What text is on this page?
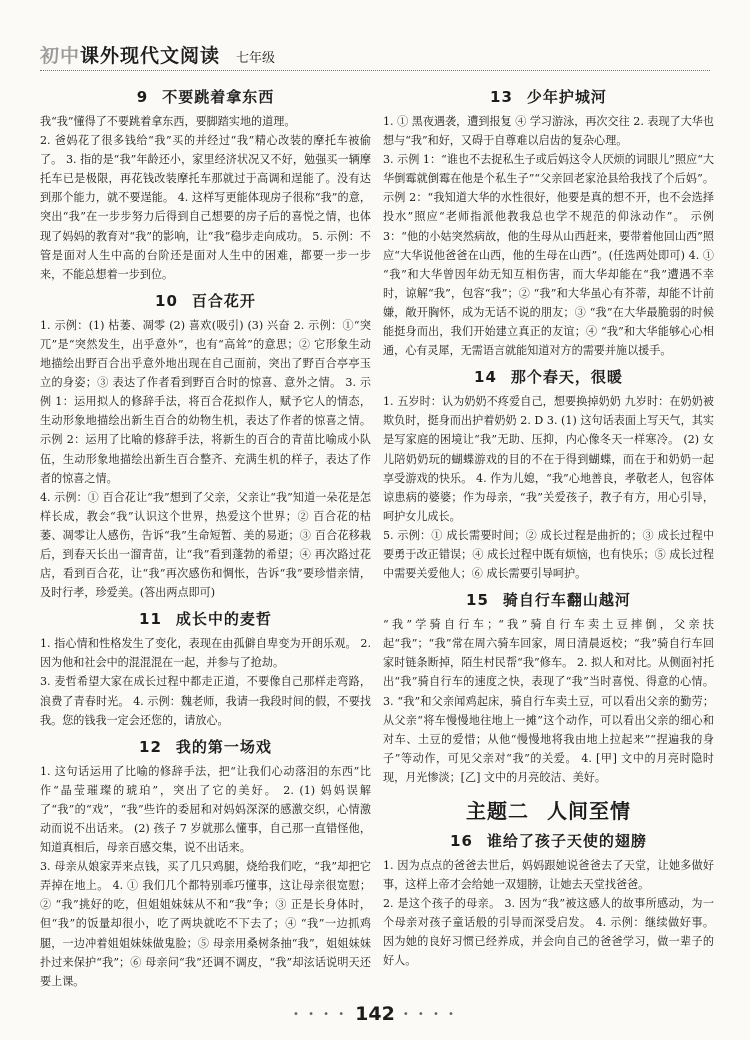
初中 课外现代文阅读 七年级
9 不要跳着拿东西

我“我”懂得了不要跳着拿东西，要脚踏实地的道理。

2. 爸妈花了很多钱给“我”买的并经过“我”精心改装的摩托车被偷了。 3. 指的是“我”年龄还小，家里经济状况又不好，勉强买一辆摩托车已是极限，再花钱改装摩托车那就过于高调和逞能了。没有达到那个能力，就不要逞能。 4. 这样写更能体现房子很称“我”的意，突出“我”在一步步努力后得到自己想要的房子后的喜悦之情，也体现了妈妈的教育对“我”的影响，让“我”稳步走向成功。 5. 示例：不管是面对人生中高的台阶还是面对人生中的困难，都要一步一步来，不能总想着一步到位。

10 百合花开

1. 示例：(1) 枯萎、凋零 (2) 喜欢(吸引) (3) 兴奋 2. 示例：①“突兀”是“突然发生，出乎意外”，也有“高耸”的意思；② 它形象生动地描绘出野百合出乎意外地出现在自己面前，突出了野百合亭亭玉立的身姿；③ 表达了作者看到野百合时的惊喜、意外之情。 3. 示例 1：运用拟人的修辞手法，将百合花拟作人，赋予它人的情态，生动形象地描绘出新生百合的幼物生机，表达了作者的惊喜之情。 示例 2：运用了比喻的修辞手法，将新生的百合的青苗比喻成小队伍，生动形象地描绘出新生百合整齐、充满生机的样子，表达了作者的惊喜之情。

4. 示例：① 百合花让“我”想到了父亲，父亲让“我”知道一朵花是怎样长成，教会“我”认识这个世界，热爱这个世界；② 百合花的枯萎、凋零让人感伤，告诉“我”生命短暂、美的易逝；③ 百合花移栽后，到春天长出一溜青苗，让“我”看到蓬勃的希望；④ 再次路过花店，看到百合花，让“我”再次感伤和惆怅，告诉“我”要珍惜亲情，及时行孝，珍爱美。(答出两点即可)

11 成长中的麦哲

1. 指心情和性格发生了变化，表现在由孤僻自卑变为开朗乐观。 2. 因为他和社会中的混混混在一起，并参与了抢劫。

3. 麦哲希望大家在成长过程中都走正道，不要像自己那样走弯路，浪费了青春时光。 4. 示例：魏老师，我请一我段时间的假，不要找我。您的钱我一定会还您的，请放心。

12 我的第一场戏

1. 这句话运用了比喻的修辞手法，把“让我们心动落泪的东西”比作“晶莹璀璨的琥珀”，突出了它的美好。 2. (1) 妈妈误解了“我”的“戏”，“我”些许的委屈和对妈妈深深的感激交织，心情激动而说不出话来。 (2) 孩子 7 岁就那么懂事，自己那一直错怪他，知道真相后，母亲百感交集，说不出话来。

3. 母亲从娘家弄来点钱，买了几只鸡腿，烧给我们吃，“我”却把它弄掉在地上。 4. ① 我们几个都特别乖巧懂事，这让母亲很宽慰；② “我”挑好的吃，但姐姐妹妹从不和“我”争；③ 正是长身体时，但“我”的饭量却很小，吃了两块就吃不下去了；④ “我”一边抓鸡腿，一边冲着姐姐妹妹做鬼脸；⑤ 母亲用桑树条抽“我”，姐姐妹妹扑过来保护“我”；⑥ 母亲问“我”还调不调皮，“我”却泫话说明天还要上课。

13 少年护城河

1. ① 黑夜遇袭，遭到报复 ④ 学习游泳，再次交往 2. 表现了大华也想与“我”和好，又碍于自尊难以启齿的复杂心理。

3. 示例 1：“谁也不去捉私生子或后妈这令人厌烦的词眼儿”照应“大华倒霉就倒霉在他是个私生子”“父亲回老家沧县给我找了个后妈”。 示例 2：“我知道大华的水性很好，他要是真的想不开，也不会选择投水”照应“老师指派他教我总也学不规范的仰泳动作”。 示例 3：“他的小姑突然病故，他的生母从山西赶来，要带着他回山西”照应“大华说他爸爸在山西，他的生母在山西”。(任选两处即可) 4. ① “我”和大华曾因年幼无知互相伤害，而大华却能在“我”遭遇不幸时，谅解“我”，包容“我”；② “我”和大华虽心有芥蒂，却能不计前嫌，敞开胸怀，成为无话不说的朋友；③ “我”在大华最脆弱的时候能挺身而出，我们开始建立真正的友谊；④ “我”和大华能够心心相通，心有灵犀，无需语言就能知道对方的需要并施以援手。

14 那个春天，很暖

1. 五岁时：认为奶奶不疼爱自己，想要换掉奶奶 九岁时：在奶奶被欺负时，挺身而出护着奶奶 2. D 3. (1) 这句话表面上写天气，其实是写家庭的困境让“我”无助、压抑，内心像冬天一样寒冷。 (2) 女儿陪奶奶玩的蝴蝶游戏的目的不在于得到蝴蝶，而在于和奶奶一起享受游戏的快乐。 4. 作为儿媳，“我”心地善良，孝敬老人，包容体谅患病的婆婆；作为母亲，“我”关爱孩子，教子有方，用心引导，呵护女儿成长。

5. 示例：① 成长需要时间；② 成长过程是曲折的；③ 成长过程中要勇于改正错误；④ 成长过程中既有烦恼，也有快乐；⑤ 成长过程中需要关爱他人；⑥ 成长需要引导呵护。

15 骑自行车翻山越河

“我”学骑自行车；“我”骑自行车卖土豆摔倒，父亲扶起“我”；“我”常在周六骑车回家，周日清晨返校；“我”骑自行车回家时链条断掉，陌生村民帮“我”修车。 2. 拟人和对比。从侧面衬托出“我”骑自行车的速度之快，表现了“我”当时喜悦、得意的心情。 3. “我”和父亲闻鸡起床，骑自行车卖土豆，可以看出父亲的勤劳；从父亲“将车慢慢地往地上一摊”这个动作，可以看出父亲的细心和对车、土豆的爱惜；从他“慢慢地将我由地上拉起来”“捏遍我的身子”等动作，可见父亲对“我”的关爱。 4. [甲] 文中的月亮时隐时现，月光惨淡；[乙] 文中的月亮皎洁、美好。

主题二 人间至情
16 谁给了孩子天使的翅膀

1. 因为点点的爸爸去世后，妈妈跟她说爸爸去了天堂，让她多做好事，这样上帝才会给她一双翅膀，让她去天堂找爸爸。

2. 是这个孩子的母亲。 3. 因为“我”被这感人的故事所感动，为一个母亲对孩子童话般的引导而深受启发。 4. 示例：继续做好事。 因为她的良好习惯已经养成，并会向自己的爸爸学习，做一辈子的好人。

• • • • 142 • • • •
